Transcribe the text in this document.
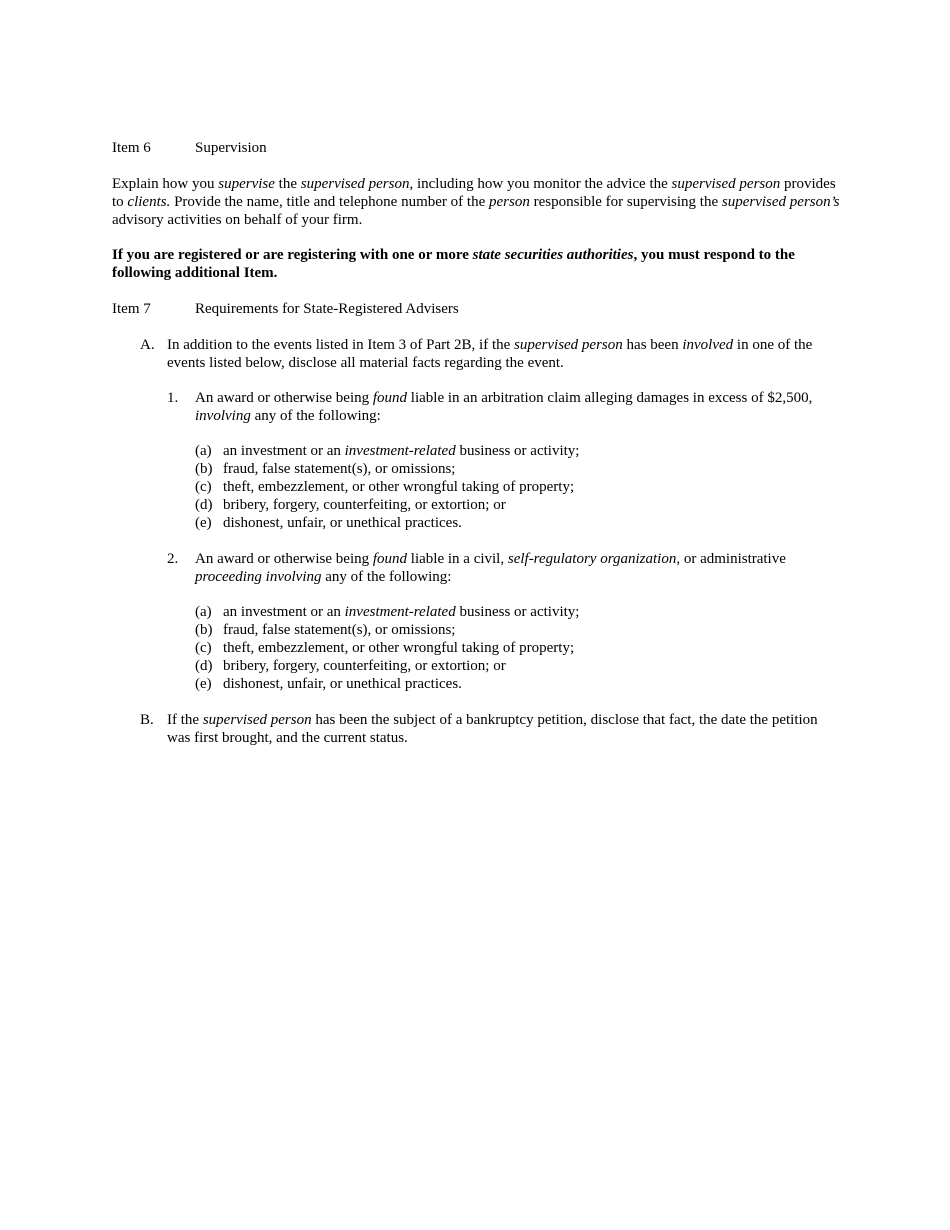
Item 6	Supervision

Explain how you supervise the supervised person, including how you monitor the advice the supervised person provides to clients. Provide the name, title and telephone number of the person responsible for supervising the supervised person’s advisory activities on behalf of your firm.

If you are registered or are registering with one or more state securities authorities, you must respond to the following additional Item.

Item 7	Requirements for State-Registered Advisers

A. In addition to the events listed in Item 3 of Part 2B, if the supervised person has been involved in one of the events listed below, disclose all material facts regarding the event.
1. An award or otherwise being found liable in an arbitration claim alleging damages in excess of $2,500, involving any of the following:
(a) an investment or an investment-related business or activity;
(b) fraud, false statement(s), or omissions;
(c) theft, embezzlement, or other wrongful taking of property;
(d) bribery, forgery, counterfeiting, or extortion; or
(e) dishonest, unfair, or unethical practices.
2. An award or otherwise being found liable in a civil, self-regulatory organization, or administrative proceeding involving any of the following:
(a) an investment or an investment-related business or activity;
(b) fraud, false statement(s), or omissions;
(c) theft, embezzlement, or other wrongful taking of property;
(d) bribery, forgery, counterfeiting, or extortion; or
(e) dishonest, unfair, or unethical practices.
B. If the supervised person has been the subject of a bankruptcy petition, disclose that fact, the date the petition was first brought, and the current status.
